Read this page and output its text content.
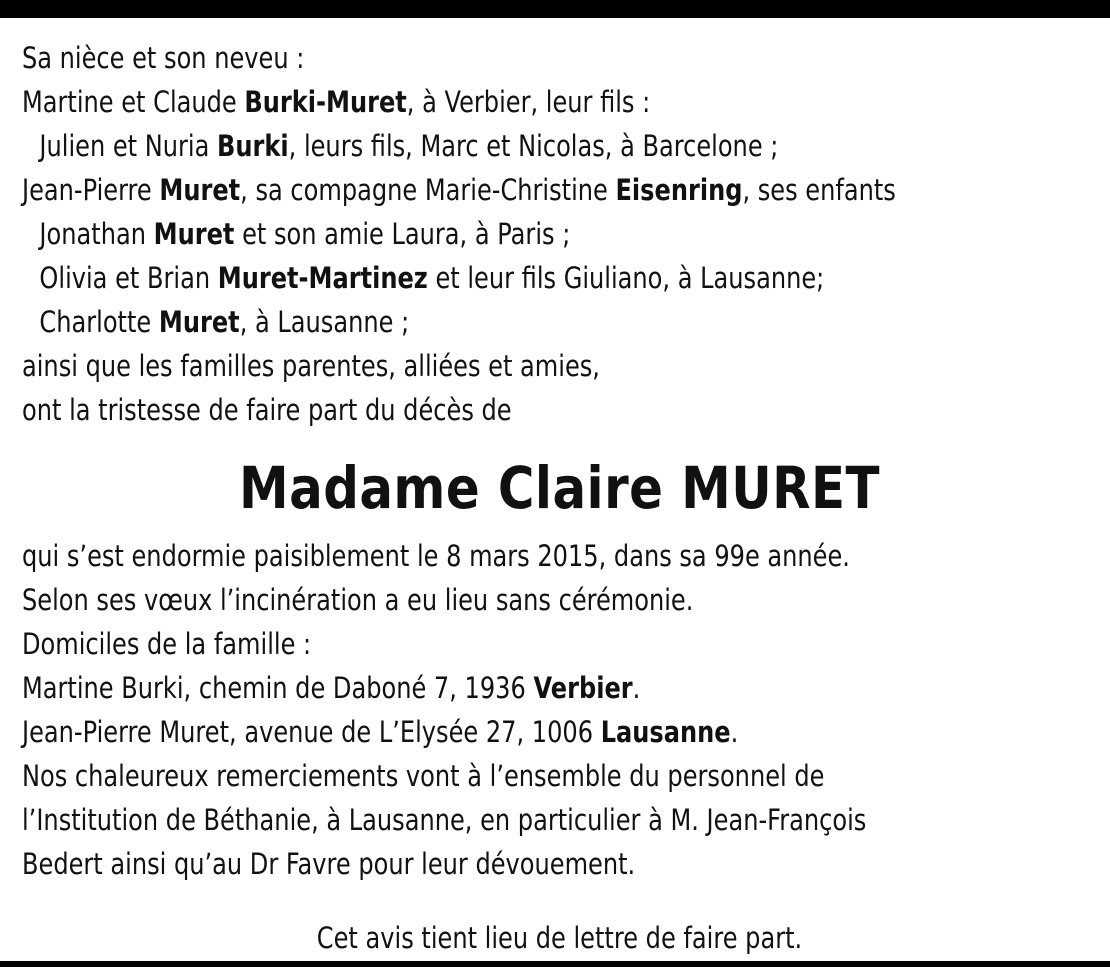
Sa nièce et son neveu :
Martine et Claude Burki-Muret, à Verbier, leur fils :
Julien et Nuria Burki, leurs fils, Marc et Nicolas, à Barcelone ;
Jean-Pierre Muret, sa compagne Marie-Christine Eisenring, ses enfants
Jonathan Muret et son amie Laura, à Paris ;
Olivia et Brian Muret-Martinez et leur fils Giuliano, à Lausanne;
Charlotte Muret, à Lausanne ;
ainsi que les familles parentes, alliées et amies,
ont la tristesse de faire part du décès de
Madame Claire MURET
qui s’est endormie paisiblement le 8 mars 2015, dans sa 99e année.
Selon ses vœux l’incinération a eu lieu sans cérémonie.
Domiciles de la famille :
Martine Burki, chemin de Daboné 7, 1936 Verbier.
Jean-Pierre Muret, avenue de L’Elysée 27, 1006 Lausanne.
Nos chaleureux remerciements vont à l’ensemble du personnel de
l’Institution de Béthanie, à Lausanne, en particulier à M. Jean-François
Bedert ainsi qu’au Dr Favre pour leur dévouement.
Cet avis tient lieu de lettre de faire part.
